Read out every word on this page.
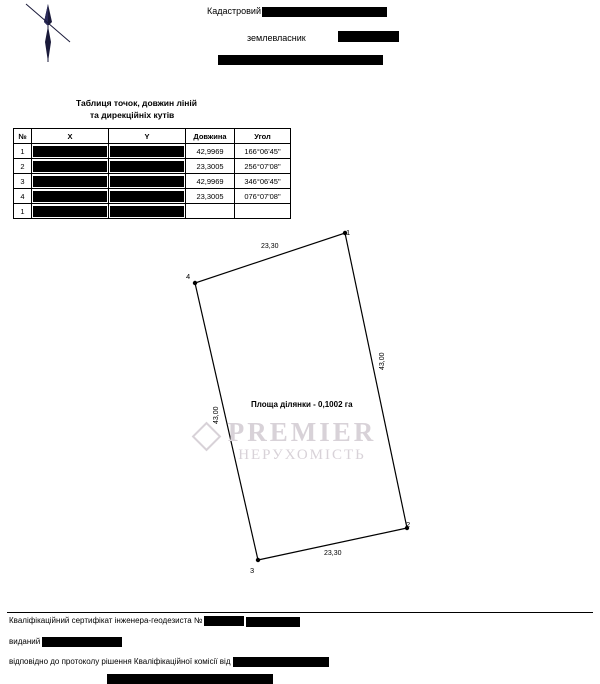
Кадастровий
землевласник
Таблиця точок, довжин ліній
та дирекційніх кутів
№	X	Y	Довжина	Угол
1			42,9969	166°06'45"
2			23,3005	256°07'08"
3			42,9969	346°06'45"
4			23,3005	076°07'08"
1	

1
2
3
4
23,30
23,30
43,00
43,00
Площа ділянки - 0,1002 га
PREMIER
НЕРУХОМІСТЬ
Кваліфікаційний сертифікат інженера-геодезиста №
виданий
відповідно до протоколу рішення Кваліфікаційної комісії від
